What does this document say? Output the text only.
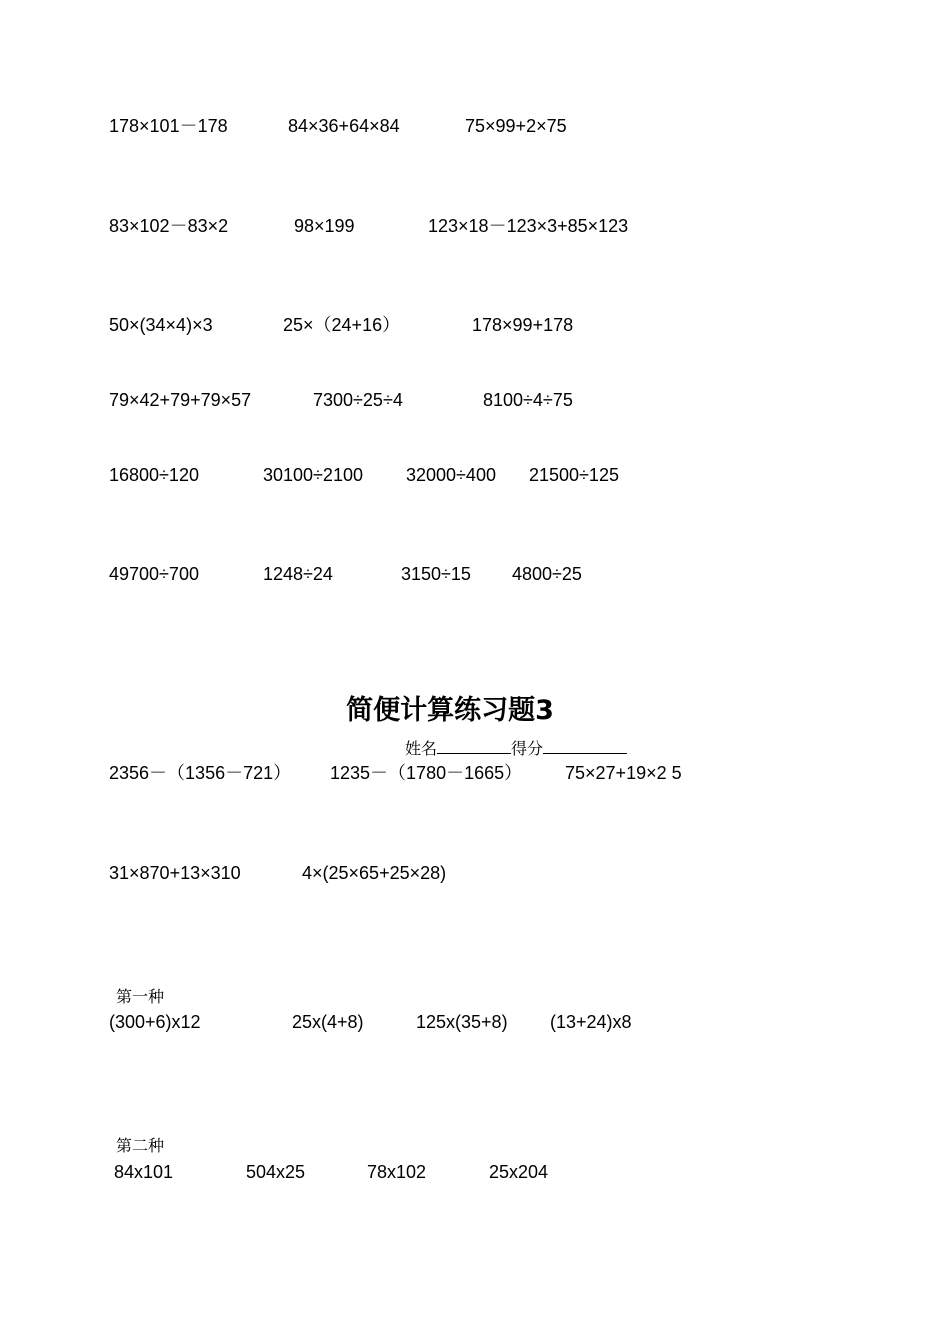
178×101－178

	84×36+64×84

	75×99+2×75

83×102－83×2

	98×199

	123×18－123×3+85×123

50×(34×4)×3

	25×（24+16）

	178×99+178

79×42+79+79×57

	7300÷25÷4

	8100÷4÷75

16800÷120

	30100÷2100

32000÷400

21500÷125

49700÷700

	1248÷24

	3150÷15

4800÷25

简便计算练习题3
姓名	得分

2356－（1356－721）

1235－（1780－1665）

75×27+19×2 5

31×870+13×310

	4×(25×65+25×28)

第一种

(300+6)x12

	25x(4+8)

	125x(35+8)

(13+24)x8

第二种

84x101

	504x25

	78x102

	25x204
